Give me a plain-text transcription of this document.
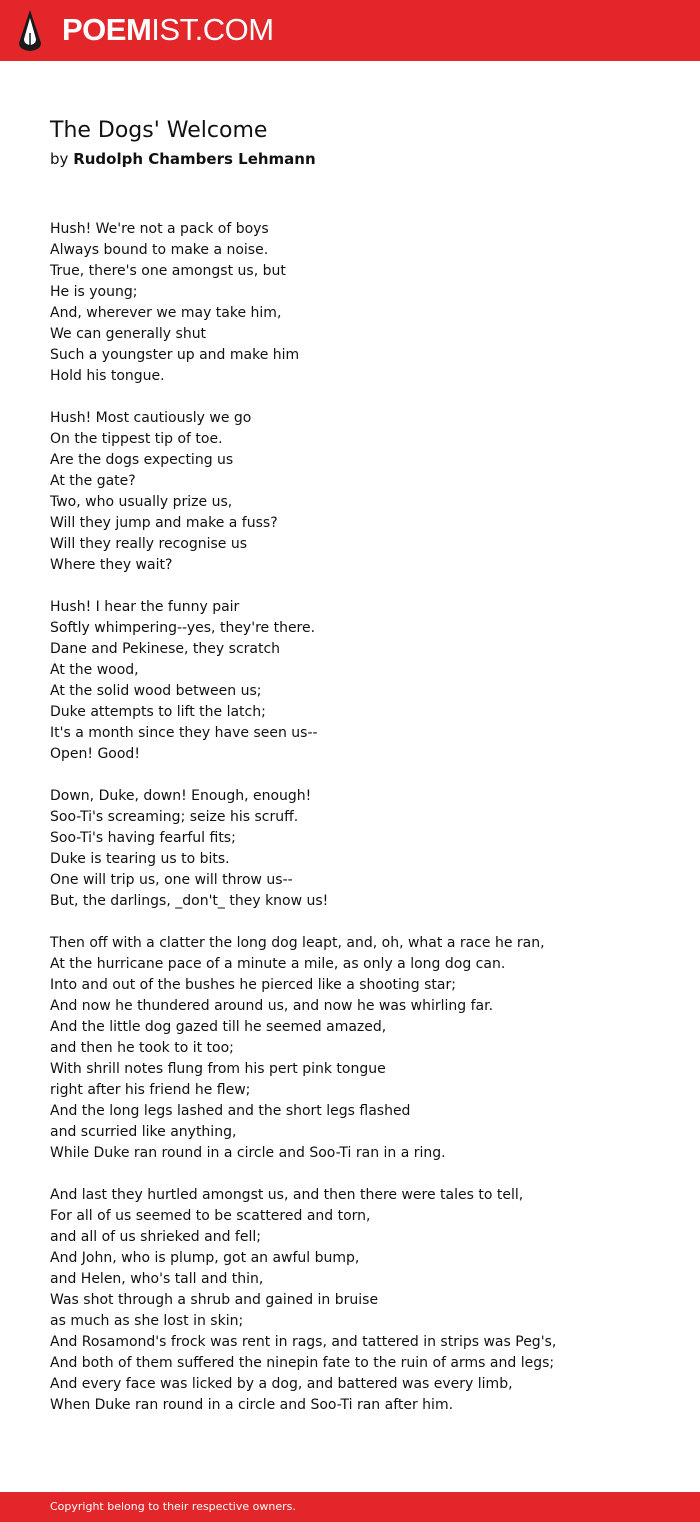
POEMIST.COM
The Dogs' Welcome
by Rudolph Chambers Lehmann
Hush! We're not a pack of boys
Always bound to make a noise.
True, there's one amongst us, but
He is young;
And, wherever we may take him,
We can generally shut
Such a youngster up and make him
Hold his tongue.
Hush! Most cautiously we go
On the tippest tip of toe.
Are the dogs expecting us
At the gate?
Two, who usually prize us,
Will they jump and make a fuss?
Will they really recognise us
Where they wait?
Hush! I hear the funny pair
Softly whimpering--yes, they're there.
Dane and Pekinese, they scratch
At the wood,
At the solid wood between us;
Duke attempts to lift the latch;
It's a month since they have seen us--
Open! Good!
Down, Duke, down! Enough, enough!
Soo-Ti's screaming; seize his scruff.
Soo-Ti's having fearful fits;
Duke is tearing us to bits.
One will trip us, one will throw us--
But, the darlings, _don't_ they know us!
Then off with a clatter the long dog leapt, and, oh, what a race he ran,
At the hurricane pace of a minute a mile, as only a long dog can.
Into and out of the bushes he pierced like a shooting star;
And now he thundered around us, and now he was whirling far.
And the little dog gazed till he seemed amazed,
and then he took to it too;
With shrill notes flung from his pert pink tongue
right after his friend he flew;
And the long legs lashed and the short legs flashed
and scurried like anything,
While Duke ran round in a circle and Soo-Ti ran in a ring.
And last they hurtled amongst us, and then there were tales to tell,
For all of us seemed to be scattered and torn,
and all of us shrieked and fell;
And John, who is plump, got an awful bump,
and Helen, who's tall and thin,
Was shot through a shrub and gained in bruise
as much as she lost in skin;
And Rosamond's frock was rent in rags, and tattered in strips was Peg's,
And both of them suffered the ninepin fate to the ruin of arms and legs;
And every face was licked by a dog, and battered was every limb,
When Duke ran round in a circle and Soo-Ti ran after him.
Copyright belong to their respective owners.
